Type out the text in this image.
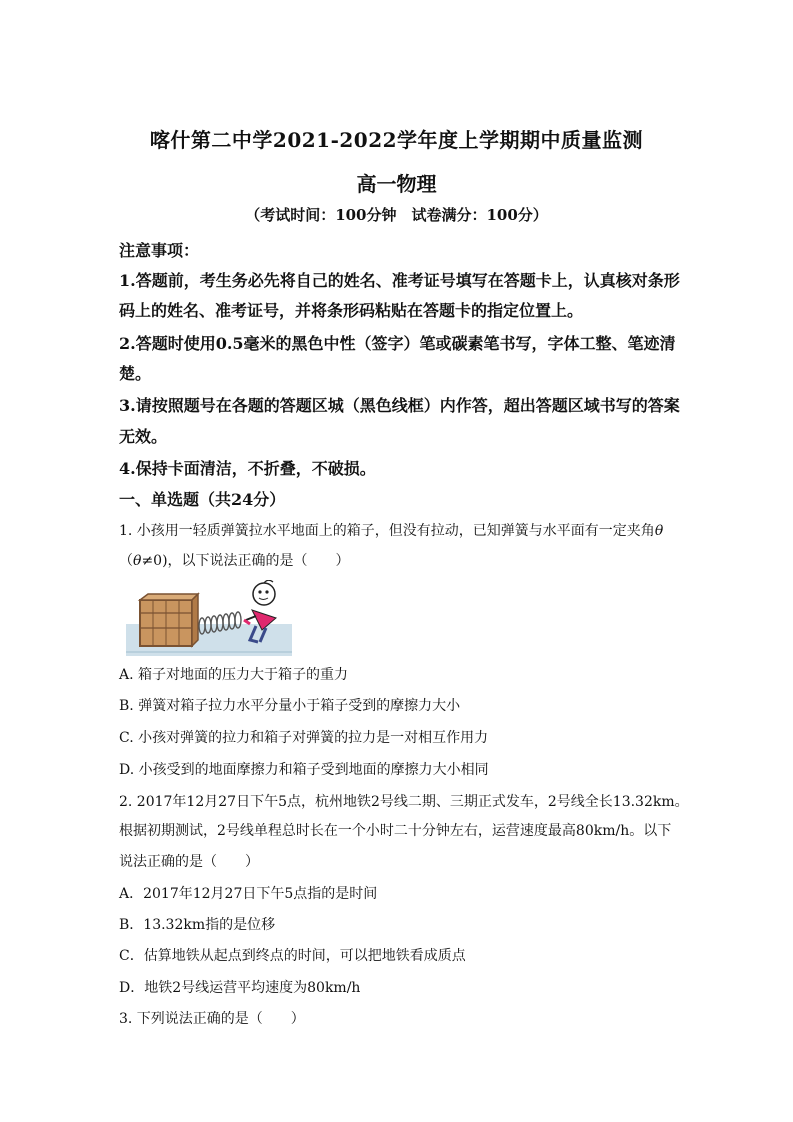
喀什第二中学2021-2022学年度上学期期中质量监测
高一物理
（考试时间：100分钟　试卷满分：100分）
注意事项：
1.答题前，考生务必先将自己的姓名、准考证号填写在答题卡上，认真核对条形
码上的姓名、准考证号，并将条形码粘贴在答题卡的指定位置上。
2.答题时使用0.5毫米的黑色中性（签字）笔或碳素笔书写，字体工整、笔迹清
楚。
3.请按照题号在各题的答题区城（黑色线框）内作答，超出答题区域书写的答案
无效。
4.保持卡面清洁，不折叠，不破损。
一、单选题（共24分）
1. 小孩用一轻质弹簧拉水平地面上的箱子，但没有拉动，已知弹簧与水平面有一定夹角θ
（θ≠0)，以下说法正确的是（　　）
A. 箱子对地面的压力大于箱子的重力
B. 弹簧对箱子拉力水平分量小于箱子受到的摩擦力大小
C. 小孩对弹簧的拉力和箱子对弹簧的拉力是一对相互作用力
D. 小孩受到的地面摩擦力和箱子受到地面的摩擦力大小相同
2. 2017年12月27日下午5点，杭州地铁2号线二期、三期正式发车，2号线全长13.32km。
根据初期测试，2号线单程总时长在一个小时二十分钟左右，运营速度最高80km/h。以下
说法正确的是（　　）
A．2017年12月27日下午5点指的是时间
B．13.32km指的是位移
C．估算地铁从起点到终点的时间，可以把地铁看成质点
D．地铁2号线运营平均速度为80km/h
3. 下列说法正确的是（　　）
